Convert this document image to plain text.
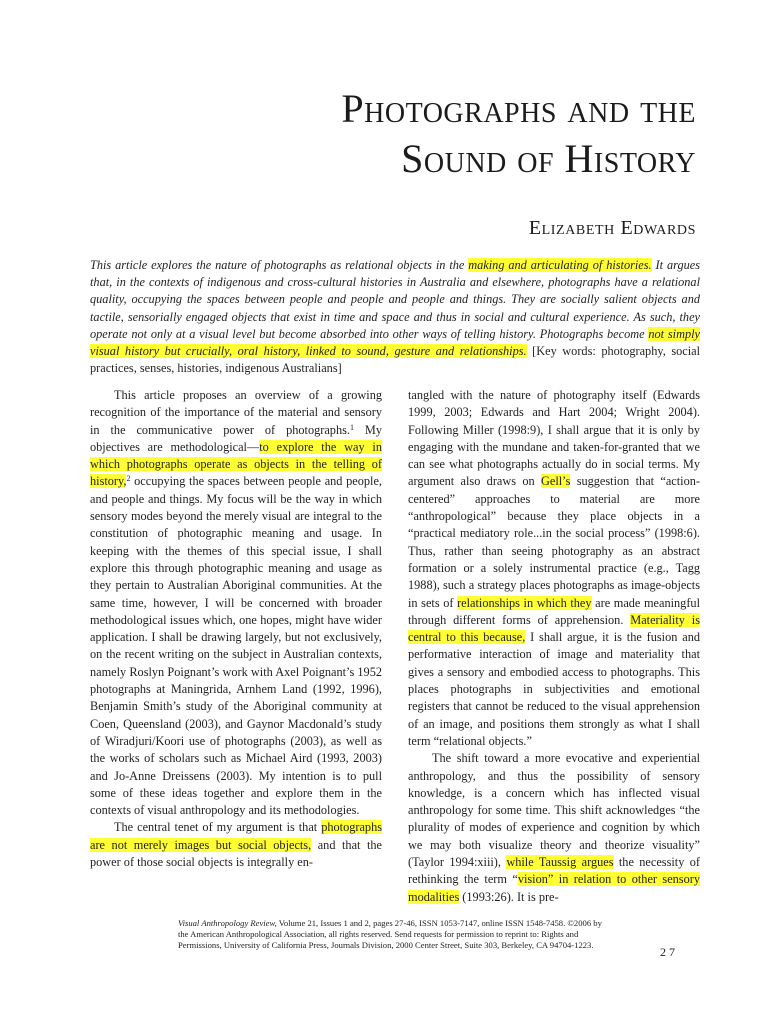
Photographs and the
Sound of History
Elizabeth Edwards
This article explores the nature of photographs as relational objects in the making and articulating of histories. It argues that, in the contexts of indigenous and cross-cultural histories in Australia and elsewhere, photographs have a relational quality, occupying the spaces between people and people and people and things. They are socially salient objects and tactile, sensorially engaged objects that exist in time and space and thus in social and cultural experience. As such, they operate not only at a visual level but become absorbed into other ways of telling history. Photographs become not simply visual history but crucially, oral history, linked to sound, gesture and relationships. [Key words: photography, social practices, senses, histories, indigenous Australians]

This article proposes an overview of a growing recognition of the importance of the material and sensory in the communicative power of photographs.$^1$ My objectives are methodological—to explore the way in which photographs operate as objects in the telling of history,$^2$ occupying the spaces between people and people, and people and things. My focus will be the way in which sensory modes beyond the merely visual are integral to the constitution of photographic meaning and usage. In keeping with the themes of this special issue, I shall explore this through photographic meaning and usage as they pertain to Australian Aboriginal communities. At the same time, however, I will be concerned with broader methodological issues which, one hopes, might have wider application. I shall be drawing largely, but not exclusively, on the recent writing on the subject in Australian contexts, namely Roslyn Poignant’s work with Axel Poignant’s 1952 photographs at Maningrida, Arnhem Land (1992, 1996), Benjamin Smith’s study of the Aboriginal community at Coen, Queensland (2003), and Gaynor Macdonald’s study of Wiradjuri/Koori use of photographs (2003), as well as the works of scholars such as Michael Aird (1993, 2003) and Jo-Anne Dreissens (2003). My intention is to pull some of these ideas together and explore them in the contexts of visual anthropology and its methodologies.

The central tenet of my argument is that photographs are not merely images but social objects, and that the power of those social objects is integrally en-

tangled with the nature of photography itself (Edwards 1999, 2003; Edwards and Hart 2004; Wright 2004). Following Miller (1998:9), I shall argue that it is only by engaging with the mundane and taken-for-granted that we can see what photographs actually do in social terms. My argument also draws on Gell’s suggestion that “action-centered” approaches to material are more “anthropological” because they place objects in a “practical mediatory role...in the social process” (1998:6). Thus, rather than seeing photography as an abstract formation or a solely instrumental practice (e.g., Tagg 1988), such a strategy places photographs as image-objects in sets of relationships in which they are made meaningful through different forms of apprehension. Materiality is central to this because, I shall argue, it is the fusion and performative interaction of image and materiality that gives a sensory and embodied access to photographs. This places photographs in subjectivities and emotional registers that cannot be reduced to the visual apprehension of an image, and positions them strongly as what I shall term “relational objects.”

The shift toward a more evocative and experiential anthropology, and thus the possibility of sensory knowledge, is a concern which has inflected visual anthropology for some time. This shift acknowledges “the plurality of modes of experience and cognition by which we may both visualize theory and theorize visuality” (Taylor 1994:xiii), while Taussig argues the necessity of rethinking the term “vision” in relation to other sensory modalities (1993:26). It is pre-

Visual Anthropology Review, Volume 21, Issues 1 and 2, pages 27-46, ISSN 1053-7147, online ISSN 1548-7458. ©2006 by the American Anthropological Association, all rights reserved. Send requests for permission to reprint to: Rights and Permissions, University of California Press, Journals Division, 2000 Center Street, Suite 303, Berkeley, CA 94704-1223.	27
